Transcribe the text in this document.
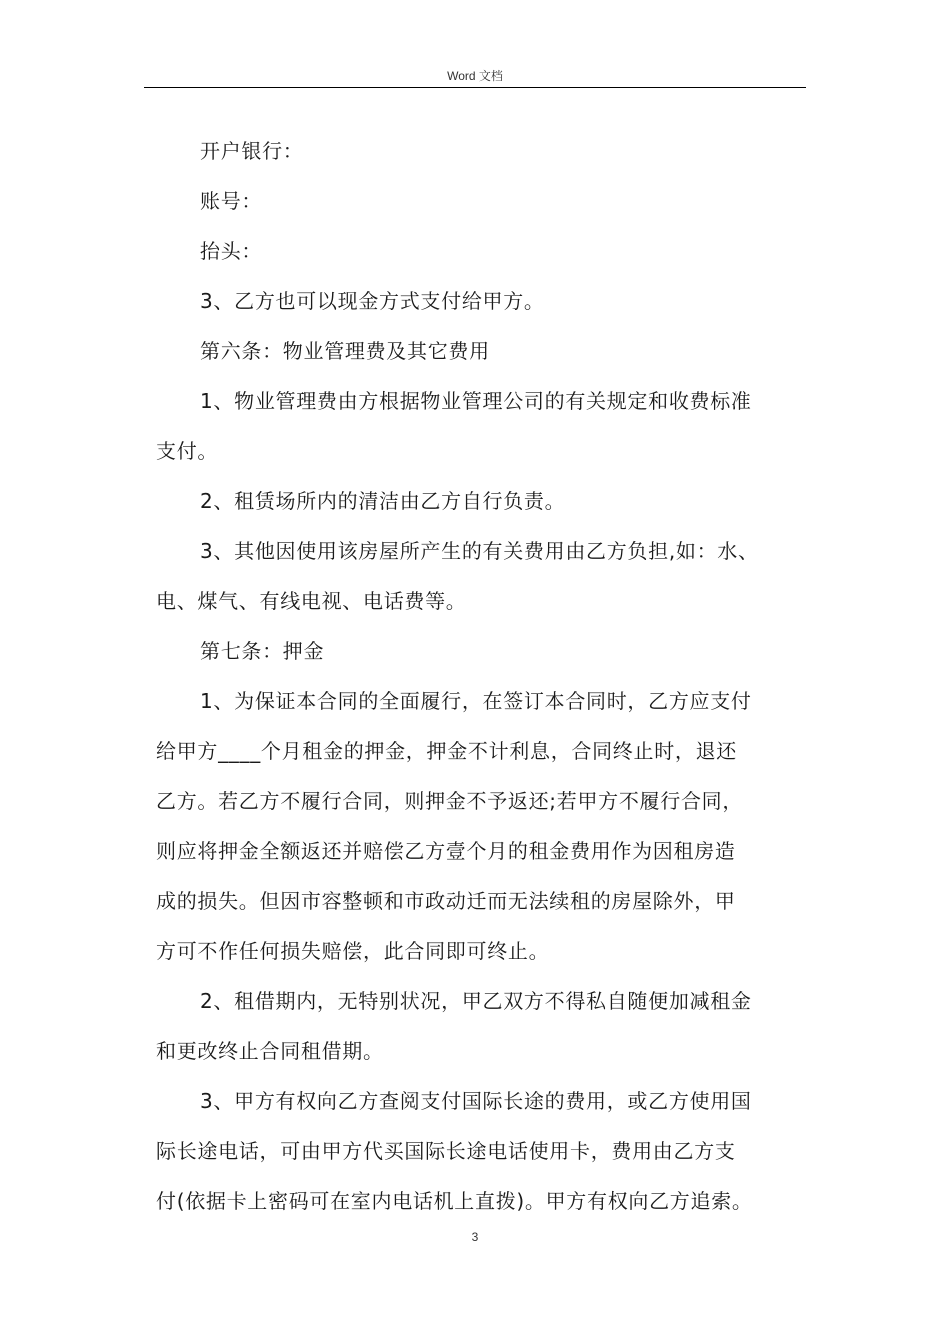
Word 文档

开户银行：

账号：

抬头：

3、乙方也可以现金方式支付给甲方。

第六条：物业管理费及其它费用

1、物业管理费由方根据物业管理公司的有关规定和收费标准
支付。

2、租赁场所内的清洁由乙方自行负责。

3、其他因使用该房屋所产生的有关费用由乙方负担,如：水、
电、煤气、有线电视、电话费等。

第七条：押金

1、为保证本合同的全面履行，在签订本合同时，乙方应支付
给甲方____个月租金的押金，押金不计利息，合同终止时，退还
乙方。若乙方不履行合同，则押金不予返还;若甲方不履行合同，
则应将押金全额返还并赔偿乙方壹个月的租金费用作为因租房造
成的损失。但因市容整顿和市政动迁而无法续租的房屋除外，甲
方可不作任何损失赔偿，此合同即可终止。

2、租借期内，无特别状况，甲乙双方不得私自随便加减租金
和更改终止合同租借期。

3、甲方有权向乙方查阅支付国际长途的费用，或乙方使用国
际长途电话，可由甲方代买国际长途电话使用卡，费用由乙方支
付(依据卡上密码可在室内电话机上直拨)。甲方有权向乙方追索。

3
